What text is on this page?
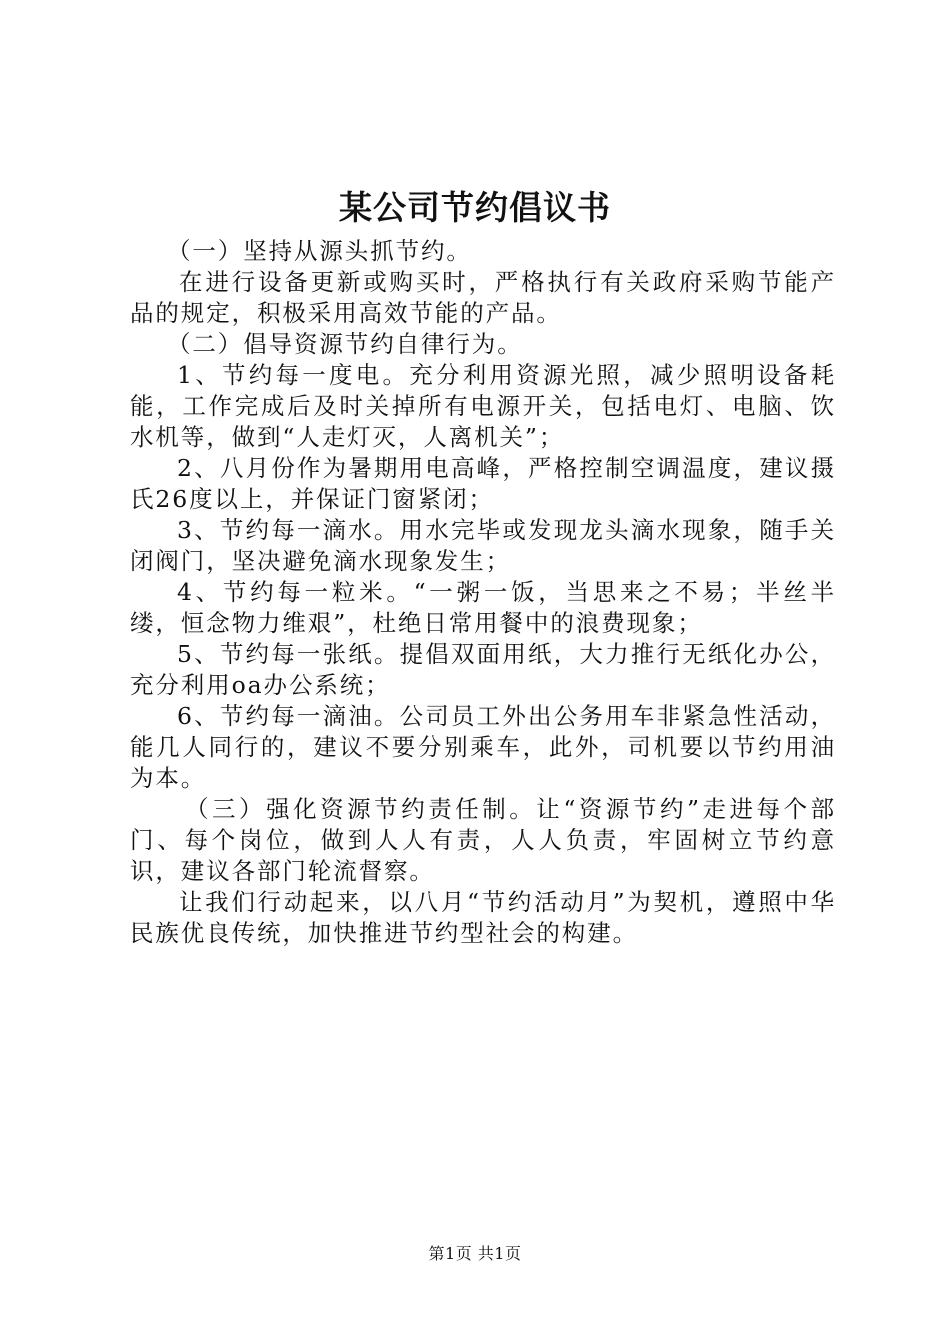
某公司节约倡议书

（一）坚持从源头抓节约。

在进行设备更新或购买时，严格执行有关政府采购节能产品的规定，积极采用高效节能的产品。

（二）倡导资源节约自律行为。

1、节约每一度电。充分利用资源光照，减少照明设备耗能，工作完成后及时关掉所有电源开关，包括电灯、电脑、饮水机等，做到“人走灯灭，人离机关”；

2、八月份作为暑期用电高峰，严格控制空调温度，建议摄氏26度以上，并保证门窗紧闭；

3、节约每一滴水。用水完毕或发现龙头滴水现象，随手关闭阀门，坚决避免滴水现象发生；

4、节约每一粒米。“一粥一饭，当思来之不易；半丝半缕，恒念物力维艰”，杜绝日常用餐中的浪费现象；

5、节约每一张纸。提倡双面用纸，大力推行无纸化办公，充分利用oa办公系统；

6、节约每一滴油。公司员工外出公务用车非紧急性活动，能几人同行的，建议不要分别乘车，此外，司机要以节约用油为本。

（三）强化资源节约责任制。让“资源节约”走进每个部门、每个岗位，做到人人有责，人人负责，牢固树立节约意识，建议各部门轮流督察。

让我们行动起来，以八月“节约活动月”为契机，遵照中华民族优良传统，加快推进节约型社会的构建。

第1页 共1页
